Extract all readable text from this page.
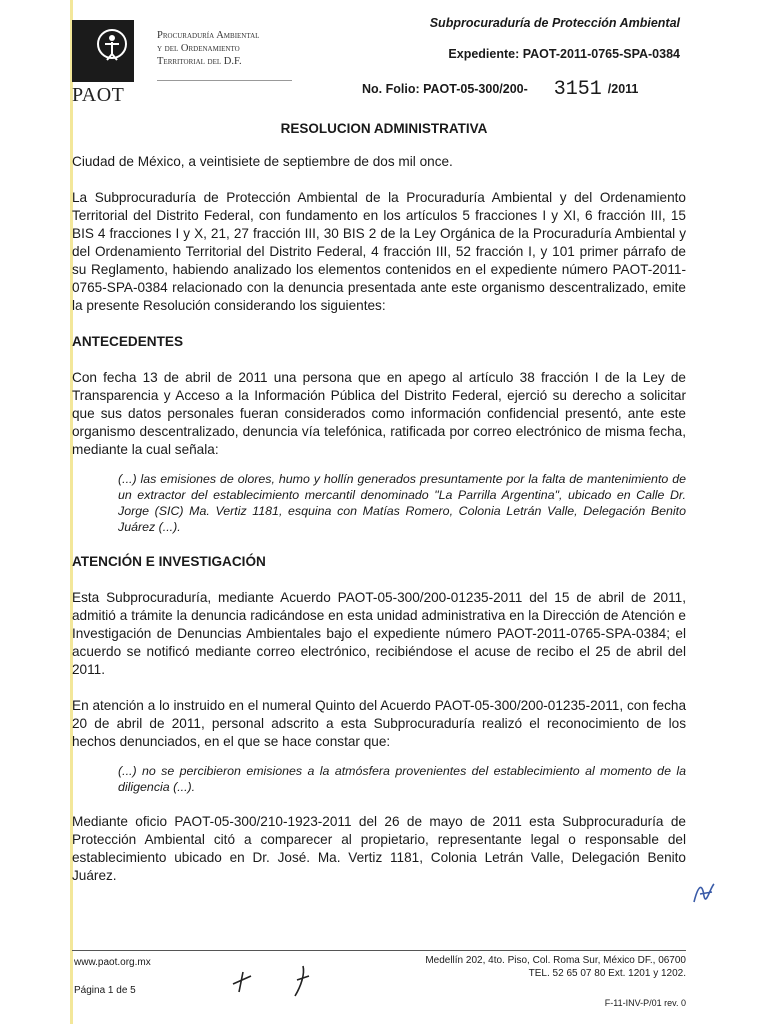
PAOT
Procuraduría Ambiental
y del Ordenamiento
Territorial del D.F.
Subprocuraduría de Protección Ambiental
Expediente: PAOT-2011-0765-SPA-0384
No. Folio: PAOT-05-300/200- 3151 /2011
RESOLUCION ADMINISTRATIVA

Ciudad de México, a veintisiete de septiembre de dos mil once.

La Subprocuraduría de Protección Ambiental de la Procuraduría Ambiental y del Ordenamiento Territorial del Distrito Federal, con fundamento en los artículos 5 fracciones I y XI, 6 fracción III, 15 BIS 4 fracciones I y X, 21, 27 fracción III, 30 BIS 2 de la Ley Orgánica de la Procuraduría Ambiental y del Ordenamiento Territorial del Distrito Federal, 4 fracción III, 52 fracción I, y 101 primer párrafo de su Reglamento, habiendo analizado los elementos contenidos en el expediente número PAOT-2011-0765-SPA-0384 relacionado con la denuncia presentada ante este organismo descentralizado, emite la presente Resolución considerando los siguientes:

ANTECEDENTES

Con fecha 13 de abril de 2011 una persona que en apego al artículo 38 fracción I de la Ley de Transparencia y Acceso a la Información Pública del Distrito Federal, ejerció su derecho a solicitar que sus datos personales fueran considerados como información confidencial presentó, ante este organismo descentralizado, denuncia vía telefónica, ratificada por correo electrónico de misma fecha, mediante la cual señala:

(...) las emisiones de olores, humo y hollín generados presuntamente por la falta de mantenimiento de un extractor del establecimiento mercantil denominado "La Parrilla Argentina", ubicado en Calle Dr. Jorge (SIC) Ma. Vertiz 1181, esquina con Matías Romero, Colonia Letrán Valle, Delegación Benito Juárez (...).

ATENCIÓN E INVESTIGACIÓN

Esta Subprocuraduría, mediante Acuerdo PAOT-05-300/200-01235-2011 del 15 de abril de 2011, admitió a trámite la denuncia radicándose en esta unidad administrativa en la Dirección de Atención e Investigación de Denuncias Ambientales bajo el expediente número PAOT-2011-0765-SPA-0384; el acuerdo se notificó mediante correo electrónico, recibiéndose el acuse de recibo el 25 de abril del 2011.

En atención a lo instruido en el numeral Quinto del Acuerdo PAOT-05-300/200-01235-2011, con fecha 20 de abril de 2011, personal adscrito a esta Subprocuraduría realizó el reconocimiento de los hechos denunciados, en el que se hace constar que:

(...) no se percibieron emisiones a la atmósfera provenientes del establecimiento al momento de la diligencia (...).

Mediante oficio PAOT-05-300/210-1923-2011 del 26 de mayo de 2011 esta Subprocuraduría de Protección Ambiental citó a comparecer al propietario, representante legal o responsable del establecimiento ubicado en Dr. José. Ma. Vertiz 1181, Colonia Letrán Valle, Delegación Benito Juárez.

www.paot.org.mx	Medellín 202, 4to. Piso, Col. Roma Sur, México DF., 06700
TEL. 52 65 07 80 Ext. 1201 y 1202.
Página 1 de 5
F-11-INV-P/01 rev. 0
